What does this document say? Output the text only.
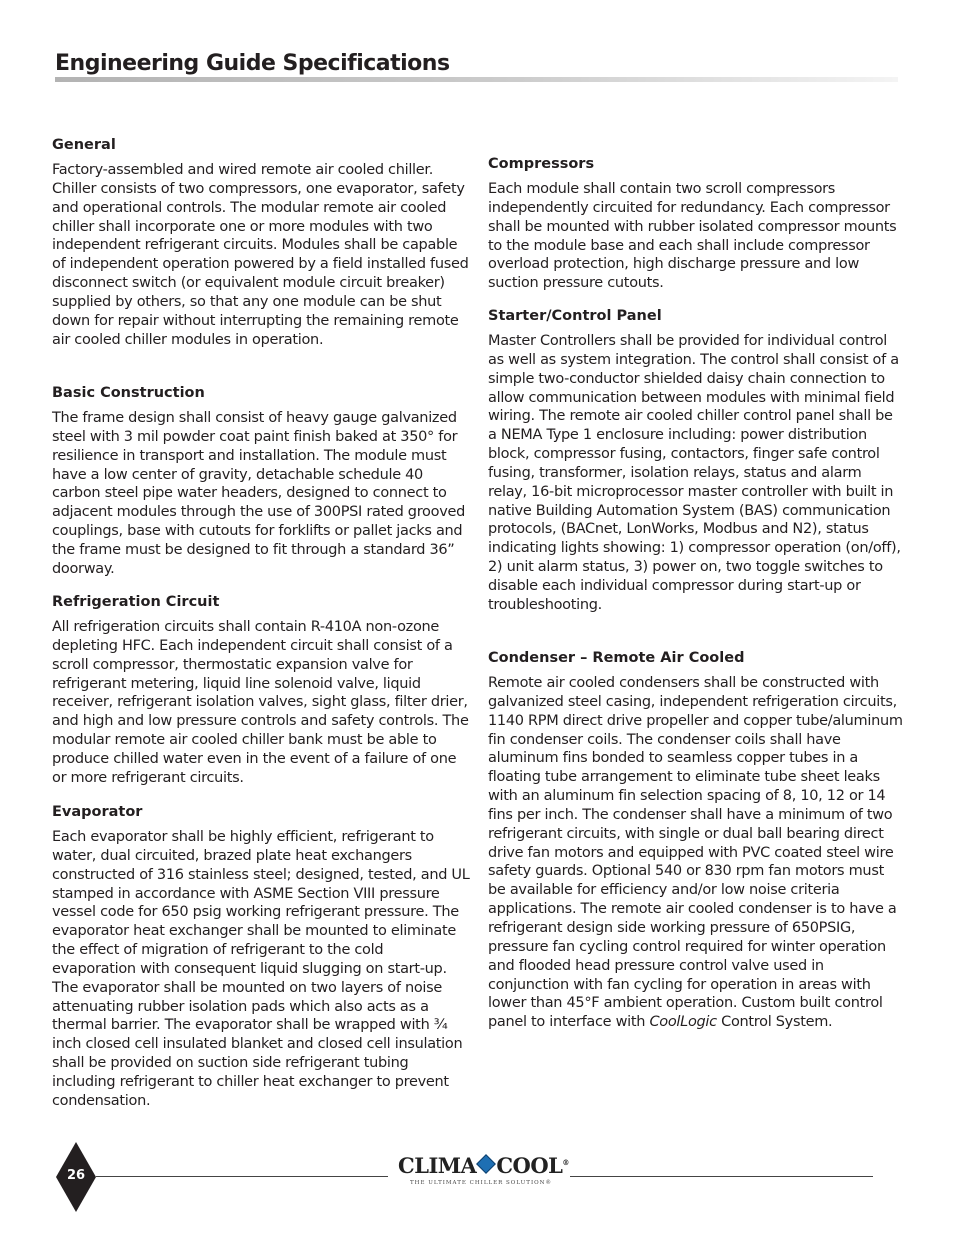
Engineering Guide Specifications
General

Factory-assembled and wired remote air cooled chiller. Chiller consists of two compressors, one evaporator, safety and operational controls. The modular remote air cooled chiller shall incorporate one or more modules with two independent refrigerant circuits. Modules shall be capable of independent operation powered by a field installed fused disconnect switch (or equivalent module circuit breaker) supplied by others, so that any one module can be shut down for repair without interrupting the remaining remote air cooled chiller modules in operation.

Basic Construction

The frame design shall consist of heavy gauge galvanized steel with 3 mil powder coat paint finish baked at 350° for resilience in transport and installation. The module must have a low center of gravity, detachable schedule 40 carbon steel pipe water headers, designed to connect to adjacent modules through the use of 300PSI rated grooved couplings, base with cutouts for forklifts or pallet jacks and the frame must be designed to fit through a standard 36” doorway.

Refrigeration Circuit

All refrigeration circuits shall contain R-410A non-ozone depleting HFC. Each independent circuit shall consist of a scroll compressor, thermostatic expansion valve for refrigerant metering, liquid line solenoid valve, liquid receiver, refrigerant isolation valves, sight glass, filter drier, and high and low pressure controls and safety controls. The modular remote air cooled chiller bank must be able to produce chilled water even in the event of a failure of one or more refrigerant circuits.

Evaporator

Each evaporator shall be highly efficient, refrigerant to water, dual circuited, brazed plate heat exchangers constructed of 316 stainless steel; designed, tested, and UL stamped in accordance with ASME Section VIII pressure vessel code for 650 psig working refrigerant pressure. The evaporator heat exchanger shall be mounted to eliminate the effect of migration of refrigerant to the cold evaporation with consequent liquid slugging on start-up. The evaporator shall be mounted on two layers of noise attenuating rubber isolation pads which also acts as a thermal barrier. The evaporator shall be wrapped with ¾ inch closed cell insulated blanket and closed cell insulation shall be provided on suction side refrigerant tubing including refrigerant to chiller heat exchanger to prevent condensation.

Compressors

Each module shall contain two scroll compressors independently circuited for redundancy. Each compressor shall be mounted with rubber isolated compressor mounts to the module base and each shall include compressor overload protection, high discharge pressure and low suction pressure cutouts.

Starter/Control Panel

Master Controllers shall be provided for individual control as well as system integration. The control shall consist of a simple two-conductor shielded daisy chain connection to allow communication between modules with minimal field wiring. The remote air cooled chiller control panel shall be a NEMA Type 1 enclosure including: power distribution block, compressor fusing, contactors, finger safe control fusing, transformer, isolation relays, status and alarm relay, 16-bit microprocessor master controller with built in native Building Automation System (BAS) communication protocols, (BACnet, LonWorks, Modbus and N2), status indicating lights showing: 1) compressor operation (on/off), 2) unit alarm status, 3) power on, two toggle switches to disable each individual compressor during start-up or troubleshooting.

Condenser – Remote Air Cooled

Remote air cooled condensers shall be constructed with galvanized steel casing, independent refrigeration circuits, 1140 RPM direct drive propeller and copper tube/aluminum fin condenser coils. The condenser coils shall have aluminum fins bonded to seamless copper tubes in a floating tube arrangement to eliminate tube sheet leaks with an aluminum fin selection spacing of 8, 10, 12 or 14 fins per inch. The condenser shall have a minimum of two refrigerant circuits, with single or dual ball bearing direct drive fan motors and equipped with PVC coated steel wire safety guards. Optional 540 or 830 rpm fan motors must be available for efficiency and/or low noise criteria applications. The remote air cooled condenser is to have a refrigerant design side working pressure of 650PSIG, pressure fan cycling control required for winter operation and flooded head pressure control valve used in conjunction with fan cycling for operation in areas with lower than 45°F ambient operation. Custom built control panel to interface with CoolLogic Control System.

26	CLIMA COOL®
THE ULTIMATE CHILLER SOLUTION®
